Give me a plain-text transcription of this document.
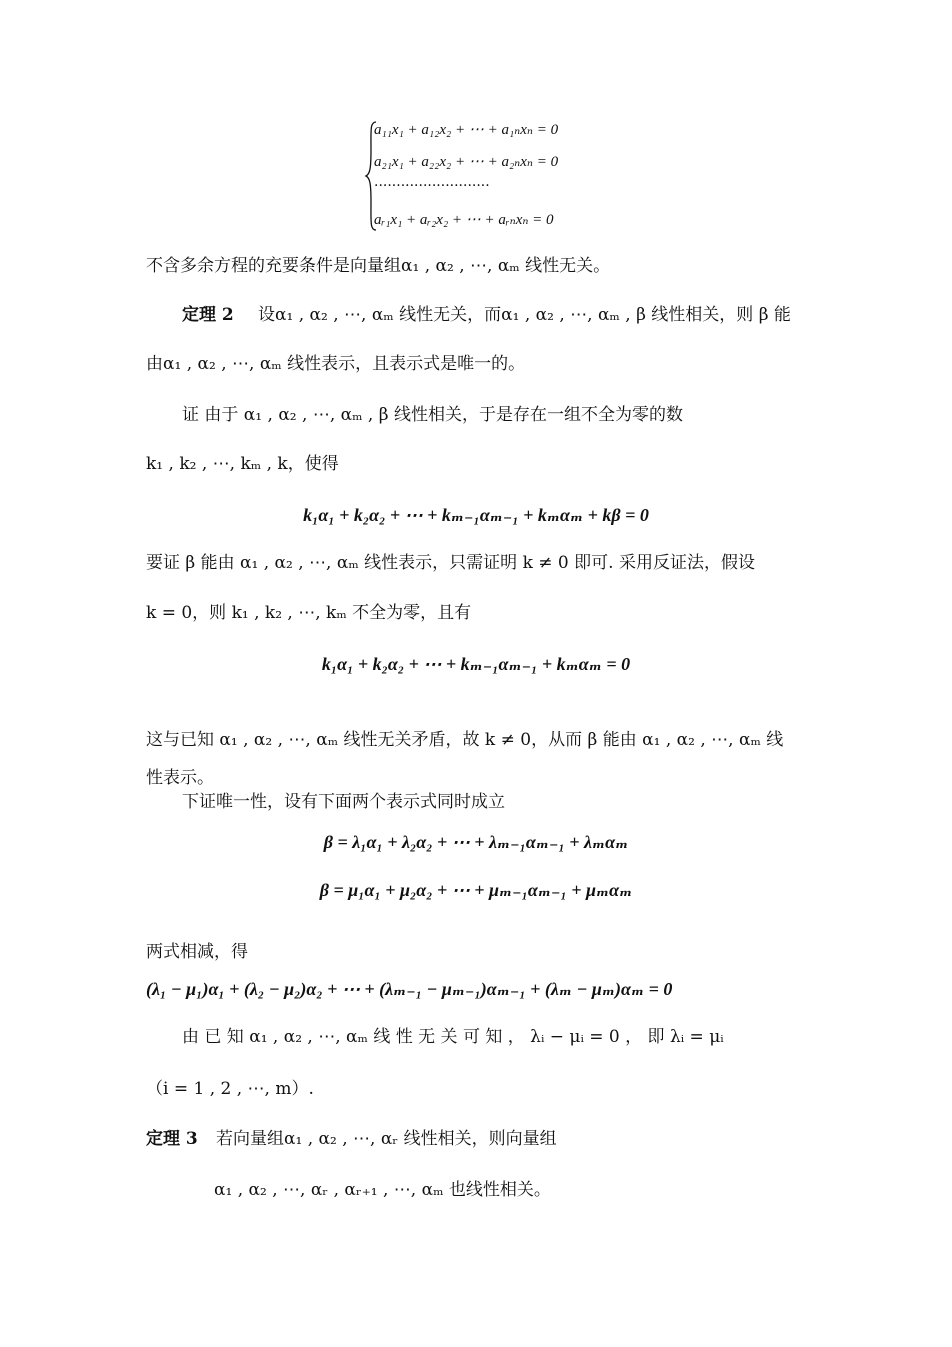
a₁₁x₁ + a₁₂x₂ + ⋯ + a₁ₙxₙ = 0
a₂₁x₁ + a₂₂x₂ + ⋯ + a₂ₙxₙ = 0
··························
aᵣ₁x₁ + aᵣ₂x₂ + ⋯ + aᵣₙxₙ = 0
不含多余方程的充要条件是向量组α₁ , α₂ , ⋯, αₘ 线性无关。
定理 2 设α₁ , α₂ , ⋯, αₘ 线性无关，而α₁ , α₂ , ⋯, αₘ , β 线性相关，则 β 能
由α₁ , α₂ , ⋯, αₘ 线性表示，且表示式是唯一的。
证 由于 α₁ , α₂ , ⋯, αₘ , β 线性相关，于是存在一组不全为零的数
k₁ , k₂ , ⋯, kₘ , k，使得
k₁α₁ + k₂α₂ + ⋯ + kₘ₋₁αₘ₋₁ + kₘαₘ + kβ = 0
要证 β 能由 α₁ , α₂ , ⋯, αₘ 线性表示，只需证明 k ≠ 0 即可. 采用反证法，假设
k = 0，则 k₁ , k₂ , ⋯, kₘ 不全为零，且有
k₁α₁ + k₂α₂ + ⋯ + kₘ₋₁αₘ₋₁ + kₘαₘ = 0
这与已知 α₁ , α₂ , ⋯, αₘ 线性无关矛盾，故 k ≠ 0，从而 β 能由 α₁ , α₂ , ⋯, αₘ 线
性表示。
下证唯一性，设有下面两个表示式同时成立
β = λ₁α₁ + λ₂α₂ + ⋯ + λₘ₋₁αₘ₋₁ + λₘαₘ
β = μ₁α₁ + μ₂α₂ + ⋯ + μₘ₋₁αₘ₋₁ + μₘαₘ
两式相减，得
(λ₁ − μ₁)α₁ + (λ₂ − μ₂)α₂ + ⋯ + (λₘ₋₁ − μₘ₋₁)αₘ₋₁ + (λₘ − μₘ)αₘ = 0
由 已 知 α₁ , α₂ , ⋯, αₘ 线 性 无 关 可 知 ， λᵢ − μᵢ = 0 ， 即 λᵢ = μᵢ
（i = 1 , 2 , ⋯, m）.
定理 3 若向量组α₁ , α₂ , ⋯, αᵣ 线性相关，则向量组
α₁ , α₂ , ⋯, αᵣ , αᵣ₊₁ , ⋯, αₘ 也线性相关。
